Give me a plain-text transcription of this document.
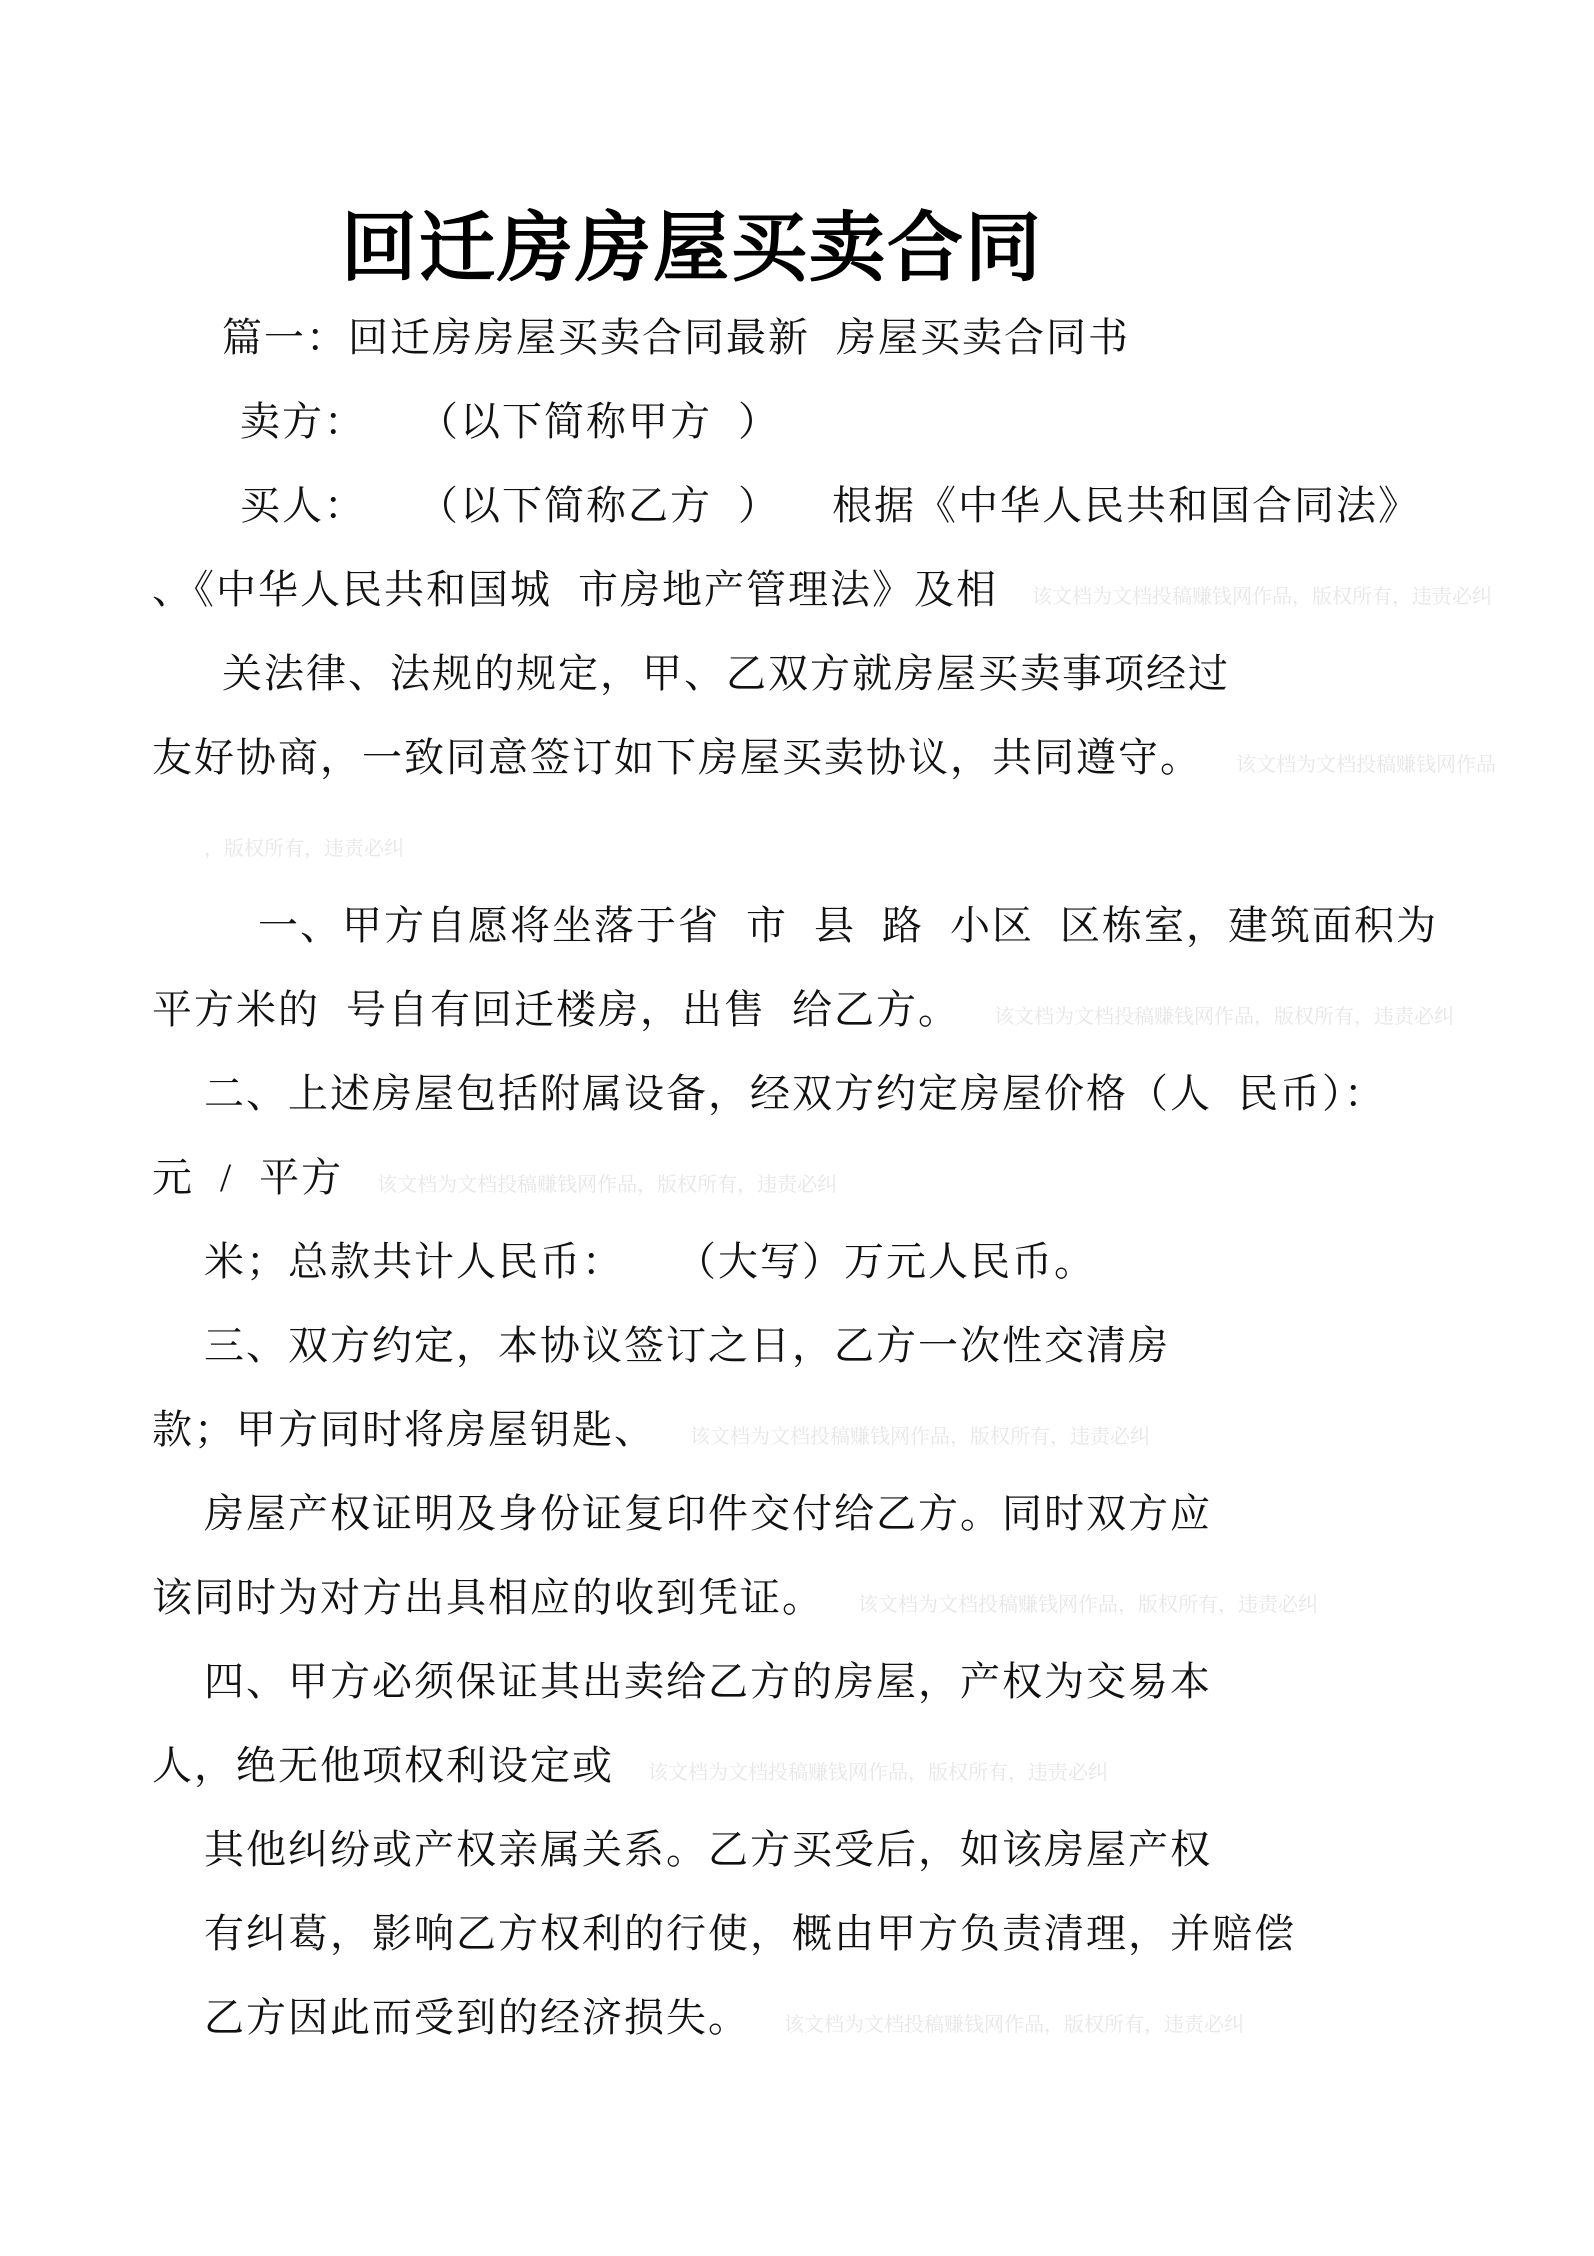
回迁房房屋买卖合同
篇一：回迁房房屋买卖合同最新 房屋买卖合同书
卖方：  （以下简称甲方 ）
买人：  （以下简称乙方 ）  根据《中华人民共和国合同法》
、《中华人民共和国城 市房地产管理法》及相 该文档为文档投稿赚钱网作品，版权所有，违责必纠
关法律、法规的规定，甲、乙双方就房屋买卖事项经过
友好协商，一致同意签订如下房屋买卖协议，共同遵守。 该文档为文档投稿赚钱网作品
，版权所有，违责必纠
一、甲方自愿将坐落于省 市 县 路 小区 区栋室，建筑面积为
平方米的 号自有回迁楼房，出售 给乙方。 该文档为文档投稿赚钱网作品，版权所有，违责必纠
二、上述房屋包括附属设备，经双方约定房屋价格（人 民币）：
元 / 平方 该文档为文档投稿赚钱网作品，版权所有，违责必纠
米；总款共计人民币：  （大写）万元人民币。
三、双方约定，本协议签订之日，乙方一次性交清房
款；甲方同时将房屋钥匙、 该文档为文档投稿赚钱网作品，版权所有，违责必纠
房屋产权证明及身份证复印件交付给乙方。同时双方应
该同时为对方出具相应的收到凭证。 该文档为文档投稿赚钱网作品，版权所有，违责必纠
四、甲方必须保证其出卖给乙方的房屋，产权为交易本
人，绝无他项权利设定或 该文档为文档投稿赚钱网作品，版权所有，违责必纠
其他纠纷或产权亲属关系。乙方买受后，如该房屋产权
有纠葛，影响乙方权利的行使，概由甲方负责清理，并赔偿
乙方因此而受到的经济损失。 该文档为文档投稿赚钱网作品，版权所有，违责必纠
